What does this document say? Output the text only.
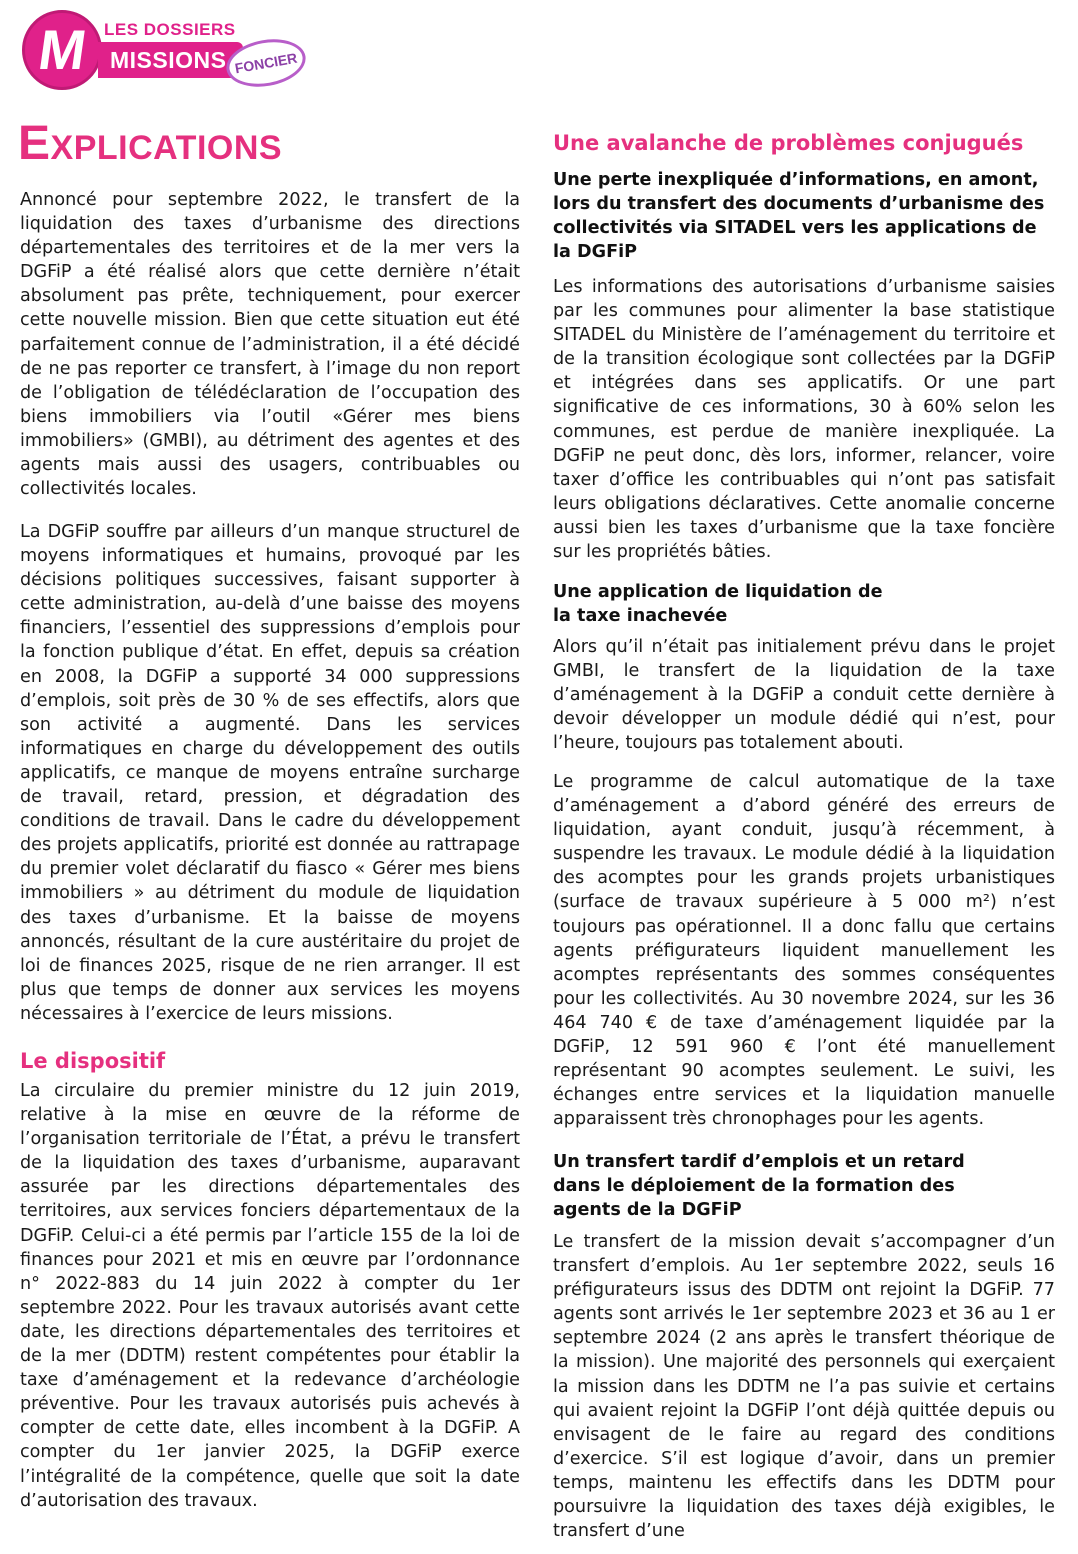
M LES DOSSIERS
MISSIONS FONCIER
Explications

Annoncé pour septembre 2022, le transfert de la liquidation des taxes d’urbanisme des directions départementales des territoires et de la mer vers la DGFiP a été réalisé alors que cette dernière n’était absolument pas prête, techniquement, pour exercer cette nouvelle mission. Bien que cette situation eut été parfaitement connue de l’administration, il a été décidé de ne pas reporter ce transfert, à l’image du non report de l’obligation de télédéclaration de l’occupation des biens immobiliers via l’outil «Gérer mes biens immobiliers» (GMBI), au détriment des agentes et des agents mais aussi des usagers, contribuables ou collectivités locales.

La DGFiP souffre par ailleurs d’un manque structurel de moyens informatiques et humains, provoqué par les décisions politiques successives, faisant supporter à cette administration, au-delà d’une baisse des moyens financiers, l’essentiel des suppressions d’emplois pour la fonction publique d’état. En effet, depuis sa création en 2008, la DGFiP a supporté 34 000 suppressions d’emplois, soit près de 30 % de ses effectifs, alors que son activité a augmenté. Dans les services informatiques en charge du développement des outils applicatifs, ce manque de moyens entraîne surcharge de travail, retard, pression, et dégradation des conditions de travail. Dans le cadre du développement des projets applicatifs, priorité est donnée au rattrapage du premier volet déclaratif du fiasco « Gérer mes biens immobiliers » au détriment du module de liquidation des taxes d’urbanisme. Et la baisse de moyens annoncés, résultant de la cure austéritaire du projet de loi de finances 2025, risque de ne rien arranger. Il est plus que temps de donner aux services les moyens nécessaires à l’exercice de leurs missions.

Le dispositif

La circulaire du premier ministre du 12 juin 2019, relative à la mise en œuvre de la réforme de l’organisation territoriale de l’État, a prévu le transfert de la liquidation des taxes d’urbanisme, auparavant assurée par les directions départementales des territoires, aux services fonciers départementaux de la DGFiP. Celui-ci a été permis par l’article 155 de la loi de finances pour 2021 et mis en œuvre par l’ordonnance n° 2022-883 du 14 juin 2022 à compter du 1er septembre 2022. Pour les travaux autorisés avant cette date, les directions départementales des territoires et de la mer (DDTM) restent compétentes pour établir la taxe d’aménagement et la redevance d’archéologie préventive. Pour les travaux autorisés puis achevés à compter de cette date, elles incombent à la DGFiP. A compter du 1er janvier 2025, la DGFiP exerce l’intégralité de la compétence, quelle que soit la date d’autorisation des travaux.

Une avalanche de problèmes conjugués
Une perte inexpliquée d’informations, en amont, lors du transfert des documents d’urbanisme des collectivités via SITADEL vers les applications de la DGFiP

Les informations des autorisations d’urbanisme saisies par les communes pour alimenter la base statistique SITADEL du Ministère de l’aménagement du territoire et de la transition écologique sont collectées par la DGFiP et intégrées dans ses applicatifs. Or une part significative de ces informations, 30 à 60% selon les communes, est perdue de manière inexpliquée. La DGFiP ne peut donc, dès lors, informer, relancer, voire taxer d’office les contribuables qui n’ont pas satisfait leurs obligations déclaratives. Cette anomalie concerne aussi bien les taxes d’urbanisme que la taxe foncière sur les propriétés bâties.

Une application de liquidation de la taxe inachevée

Alors qu’il n’était pas initialement prévu dans le projet GMBI, le transfert de la liquidation de la taxe d’aménagement à la DGFiP a conduit cette dernière à devoir développer un module dédié qui n’est, pour l’heure, toujours pas totalement abouti.

Le programme de calcul automatique de la taxe d’aménagement a d’abord généré des erreurs de liquidation, ayant conduit, jusqu’à récemment, à suspendre les travaux. Le module dédié à la liquidation des acomptes pour les grands projets urbanistiques (surface de travaux supérieure à 5 000 m²) n’est toujours pas opérationnel. Il a donc fallu que certains agents préfigurateurs liquident manuellement les acomptes représentants des sommes conséquentes pour les collectivités. Au 30 novembre 2024, sur les 36 464 740 € de taxe d’aménagement liquidée par la DGFiP, 12 591 960 € l’ont été manuellement représentant 90 acomptes seulement. Le suivi, les échanges entre services et la liquidation manuelle apparaissent très chronophages pour les agents.

Un transfert tardif d’emplois et un retard dans le déploiement de la formation des agents de la DGFiP

Le transfert de la mission devait s’accompagner d’un transfert d’emplois. Au 1er septembre 2022, seuls 16 préfigurateurs issus des DDTM ont rejoint la DGFiP. 77 agents sont arrivés le 1er septembre 2023 et 36 au 1 er septembre 2024 (2 ans après le transfert théorique de la mission). Une majorité des personnels qui exerçaient la mission dans les DDTM ne l’a pas suivie et certains qui avaient rejoint la DGFiP l’ont déjà quittée depuis ou envisagent de le faire au regard des conditions d’exercice. S’il est logique d’avoir, dans un premier temps, maintenu les effectifs dans les DDTM pour poursuivre la liquidation des taxes déjà exigibles, le transfert d’une
